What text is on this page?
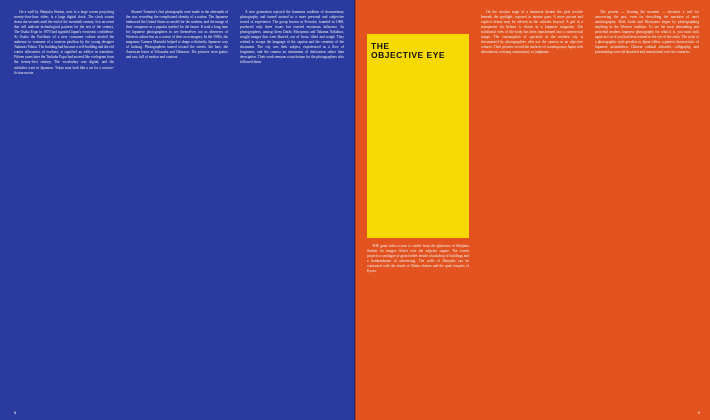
On a wall by Shinjuku Station, next to a large screen projecting twenty-four-hour video, is a large digital clock. The clock counts down the seconds until the end of the twentieth century. It is an event that will indicate technological patterns for the rest of the century. The Osaka Expo in 1970 had signaled Japan's economic confidence. At Osaka the Pavilions of a new consumer culture invited the audience to consume of a tourism pavilion by the young designer Tadanori Yokoo. The building had become a self-building and the red cranes silhouettes of workers, it signified an edifice in transition. Fifteen years later the Tsukuba Expo had arrived like a telegram from the twenty-first century. The vocabulary was digital, and the subsidies were in Japanese. Tokyo may look like a set for a science-fiction movie.

Shomei Tomatsu's first photographs were made in the aftermath of the war, recording the complicated identity of a nation. The Japanese embraced the United States as model for the modern, and the image of their conqueror as a popular symbol for the future. It took a long time for Japanese photographers to see themselves not as observers of Western culture but as a source of their own imagery. In the 1950s, the magazine Camera Mainichi helped to shape a distinctly Japanese way of looking. Photographers turned toward the streets, the bars, the American bases at Yokosuka and Okinawa. The pictures were grainy and raw, full of motion and contrast.

A new generation rejected the humanist tradition of documentary photography and turned instead to a more personal and subjective record of experience. The group known as Provoke, founded in 1968, produced only three issues but exerted enormous influence. Its photographers, among them Daido Moriyama and Takuma Nakahira, sought images that were blurred, out of focus, tilted and rough. They wished to escape the language of the caption and the certainty of the document. The city was their subject, experienced as a flow of fragments, and the camera an instrument of dislocation rather than description. Their work remains a touchstone for the photographers who followed them.

8
THE
OBJECTIVE EYE

THE giant video screen is visible from the platforms of Shinjuku Station. Its images flicker over the adjacent square. The screen projects a catalogue of giant bodies beside a backdrop of buildings and a bombardment of advertising. The walls of Shinjuku can be contrasted with the rituals of Shinto shrines and the quiet temples of Kyoto.

On the circular stage of a basement theater the girls revolve beneath the spotlight, exposed to intense gaze. A more private and explicit drama may be offered in the cubicles beyond. A girl in a transparent ski helmet is shown in a Japanese magazine. The traditional view of the body has been transformed into a commercial image. The consumption of spectacle in the modern city is documented by photographers who use the camera as an objective witness. Their pictures record the surfaces of contemporary Japan with detachment, refusing commentary or judgment.

The present — flowing the moment — becomes a tool for uncovering the past, even for describing the narrative of one's autobiography. Both Araki and Moriyama began by photographing anything in the Western tradition. To see the most demanding and powerful modern Japanese photography for what it is, you must look again at it as if you had been trained in the eye of the other. The roots of a photographic style peculiar to Japan follow a pattern characteristic of Japanese assimilation. Chinese cultural attitudes, calligraphy, and printmaking were all absorbed and transformed over the centuries.

9
